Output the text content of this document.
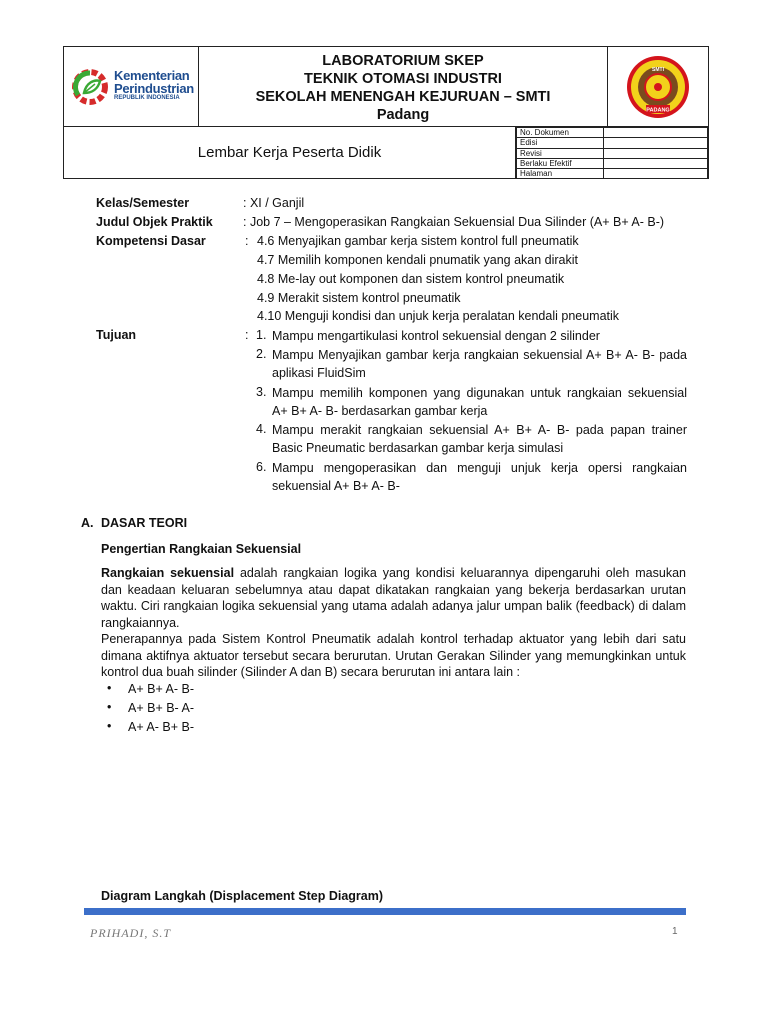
Kementerian
Perindustrian
REPUBLIK INDONESIA
LABORATORIUM SKEP
TEKNIK OTOMASI INDUSTRI
SEKOLAH MENENGAH KEJURUAN – SMTI
Padang
SMTI
PADANG
Lembar Kerja Peserta Didik
No. Dokumen	
Edisi	
Revisi	
Berlaku Efektif	
Halaman	
Kelas/Semester	: XI / Ganjil
Judul Objek Praktik : Job 7 – Mengoperasikan Rangkaian Sekuensial Dua Silinder (A+ B+ A- B-)
Kompetensi Dasar	: 4.6 Menyajikan gambar kerja sistem kontrol full pneumatik
4.7 Memilih komponen kendali pnumatik yang akan dirakit
4.8 Me-lay out komponen dan sistem kontrol pneumatik
4.9 Merakit sistem kontrol pneumatik
4.10 Menguji kondisi dan unjuk kerja peralatan kendali pneumatik
Tujuan	: 1. Mampu mengartikulasi kontrol sekuensial dengan 2 silinder
2. Mampu Menyajikan gambar kerja rangkaian sekuensial A+ B+ A- B- pada
aplikasi FluidSim
3. Mampu memilih komponen yang digunakan untuk rangkaian sekuensial
A+ B+ A- B- berdasarkan gambar kerja
4. Mampu merakit rangkaian sekuensial A+ B+ A- B- pada papan trainer
Basic Pneumatic berdasarkan gambar kerja simulasi
6. Mampu mengoperasikan dan menguji unjuk kerja opersi rangkaian
sekuensial A+ B+ A- B-
A. DASAR TEORI
Pengertian Rangkaian Sekuensial
Rangkaian sekuensial adalah rangkaian logika yang kondisi keluarannya dipengaruhi oleh masukan dan keadaan keluaran sebelumnya atau dapat dikatakan rangkaian yang bekerja berdasarkan urutan waktu. Ciri rangkaian logika sekuensial yang utama adalah adanya jalur umpan balik (feedback) di dalam rangkaiannya.
Penerapannya pada Sistem Kontrol Pneumatik adalah kontrol terhadap aktuator yang lebih dari satu dimana aktifnya aktuator tersebut secara berurutan. Urutan Gerakan Silinder yang memungkinkan untuk kontrol dua buah silinder (Silinder A dan B) secara berurutan ini antara lain :
• A+ B+ A- B-
• A+ B+ B- A-
• A+ A- B+ B-
Diagram Langkah (Displacement Step Diagram)
PRIHADI, S.T	1
